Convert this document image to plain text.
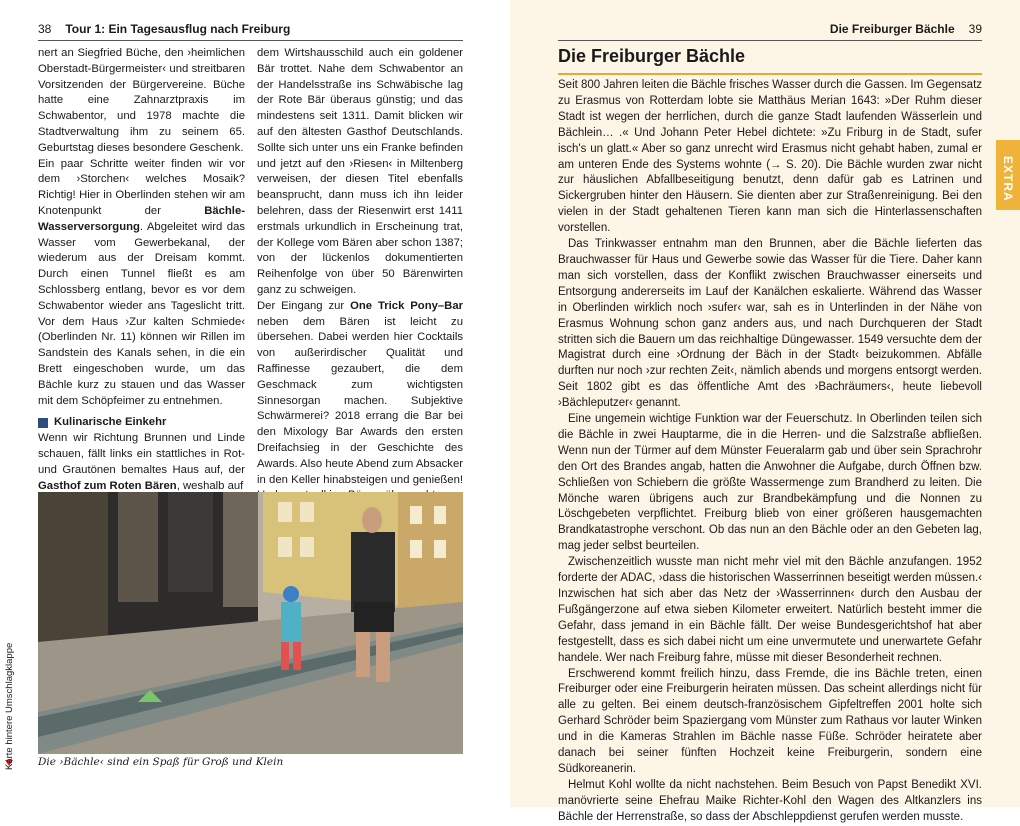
38 Tour 1: Ein Tagesausflug nach Freiburg

nert an Siegfried Büche, den ›heimlichen Oberstadt-Bürgermeister‹ und streitbaren Vorsitzenden der Bürgervereine. Büche hatte eine Zahnarztpraxis im Schwabentor, und 1978 machte die Stadtverwaltung ihm zu seinem 65. Geburtstag dieses besondere Geschenk.

Ein paar Schritte weiter finden wir vor dem ›Storchen‹ welches Mosaik? Richtig! Hier in Oberlinden stehen wir am Knotenpunkt der	Bächle-Wasserversorgung. Abgeleitet wird das Wasser vom Gewerbekanal, der wiederum aus der Dreisam kommt. Durch einen Tunnel fließt es am Schlossberg entlang, bevor es vor dem Schwabentor wieder ans Tageslicht tritt. Vor dem Haus ›Zur kalten Schmiede‹ (Oberlinden Nr. 11) können wir Rillen im Sandstein des Kanals sehen, in die ein Brett eingeschoben wurde, um das Bächle kurz zu stauen und das Wasser mit dem Schöpfeimer zu entnehmen.

Kulinarische Einkehr

Wenn wir Richtung Brunnen und Linde schauen, fällt links ein stattliches in Rot- und Grautönen bemaltes Haus auf, der Gasthof zum Roten Bären, weshalb auf

dem Wirtshausschild auch ein goldener Bär trottet. Nahe dem Schwabentor an der Handelsstraße ins Schwäbische lag der Rote Bär überaus günstig; und das mindestens seit 1311. Damit blicken wir auf den ältesten Gasthof Deutschlands. Sollte sich unter uns ein Franke befinden und jetzt auf den ›Riesen‹ in Miltenberg verweisen, der diesen Titel ebenfalls beansprucht, dann muss ich ihn leider belehren, dass der Riesenwirt erst 1411 erstmals urkundlich in Erscheinung trat, der Kollege vom Bären aber schon 1387; von der lückenlos dokumentierten Reihenfolge von über 50 Bärenwirten ganz zu schweigen.

Der Eingang zur One Trick Pony–Bar neben dem Bären ist leicht zu übersehen. Dabei werden hier Cocktails von außerirdischer Qualität und Raffinesse gezaubert, die dem Geschmack zum wichtigsten Sinnesorgan machen. Subjektive Schwärmerei? 2018 errang die Bar bei den Mixology Bar Awards den ersten Dreifachsieg in der Geschichte des Awards. Also heute Abend zum Absacker in den Keller hinabsteigen und genießen!

Die ›Bächle‹ sind ein Spaß für Groß und Klein
Karte hintere Umschlagklappe
Die Freiburger Bächle 39
Die Freiburger Bächle

Seit 800 Jahren leiten die Bächle frisches Wasser durch die Gassen. Im Gegensatz zu Erasmus von Rotterdam lobte sie Matthäus Merian 1643: »Der Ruhm dieser Stadt ist wegen der herrlichen, durch die ganze Stadt laufenden Wässerlein und Bächlein… .« Und Johann Peter Hebel dichtete: »Zu Friburg in de Stadt, sufer isch's un glatt.« Aber so ganz unrecht wird Erasmus nicht gehabt haben, zumal er am unteren Ende des Systems wohnte (→ S. 20). Die Bächle wurden zwar nicht zur häuslichen Abfallbeseitigung benutzt, denn dafür gab es Latrinen und Sickergruben hinter den Häusern. Sie dienten aber zur Straßenreinigung. Bei den vielen in der Stadt gehaltenen Tieren kann man sich die Hinterlassenschaften vorstellen.

Das Trinkwasser entnahm man den Brunnen, aber die Bächle lieferten das Brauchwasser für Haus und Gewerbe sowie das Wasser für die Tiere. Daher kann man sich vorstellen, dass der Konflikt zwischen Brauchwasser einerseits und Entsorgung andererseits im Lauf der Kanälchen eskalierte. Während das Wasser in Oberlinden wirklich noch ›sufer‹ war, sah es in Unterlinden in der Nähe von Erasmus Wohnung schon ganz anders aus, und nach Durchqueren der Stadt stritten sich die Bauern um das reichhaltige Düngewasser. 1549 versuchte dem der Magistrat durch eine ›Ordnung der Bäch in der Stadt‹ beizukommen. Abfälle durften nur noch ›zur rechten Zeit‹, nämlich abends und morgens entsorgt werden. Seit 1802 gibt es das öffentliche Amt des ›Bachräumers‹, heute liebevoll ›Bächleputzer‹ genannt.

Eine ungemein wichtige Funktion war der Feuerschutz. In Oberlinden teilen sich die Bächle in zwei Hauptarme, die in die Herren- und die Salzstraße abfließen. Wenn nun der Türmer auf dem Münster Feueralarm gab und über sein Sprachrohr den Ort des Brandes angab, hatten die Anwohner die Aufgabe, durch Öffnen bzw. Schließen von Schiebern die größte Wassermenge zum Brandherd zu leiten. Die Mönche waren übrigens auch zur Brandbekämpfung und die Nonnen zu Löschgebeten verpflichtet. Freiburg blieb von einer größeren hausgemachten Brandkatastrophe verschont. Ob das nun an den Bächle oder an den Gebeten lag, mag jeder selbst beurteilen.

Zwischenzeitlich wusste man nicht mehr viel mit den Bächle anzufangen. 1952 forderte der ADAC, ›dass die historischen Wasserrinnen beseitigt werden müssen.‹ Inzwischen hat sich aber das Netz der ›Wasserrinnen‹ durch den Ausbau der Fußgängerzone auf etwa sieben Kilometer erweitert. Natürlich besteht immer die Gefahr, dass jemand in ein Bächle fällt. Der weise Bundesgerichtshof hat aber festgestellt, dass es sich dabei nicht um eine unvermutete und unerwartete Gefahr handele. Wer nach Freiburg fahre, müsse mit dieser Besonderheit rechnen.

Erschwerend kommt freilich hinzu, dass Fremde, die ins Bächle treten, einen Freiburger oder eine Freiburgerin heiraten müssen. Das scheint allerdings nicht für alle zu gelten. Bei einem deutsch-französischem Gipfeltreffen 2001 holte sich Gerhard Schröder beim Spaziergang vom Münster zum Rathaus vor lauter Winken und in die Kameras Strahlen im Bächle nasse Füße. Schröder heiratete aber danach bei seiner fünften Hochzeit keine Freiburgerin, sondern eine Südkoreanerin.

Helmut Kohl wollte da nicht nachstehen. Beim Besuch von Papst Benedikt XVI. manövrierte seine Ehefrau Maike Richter-Kohl den Wagen des Altkanzlers ins Bächle der Herrenstraße, so dass der Abschleppdienst gerufen werden musste.

EXTRA
